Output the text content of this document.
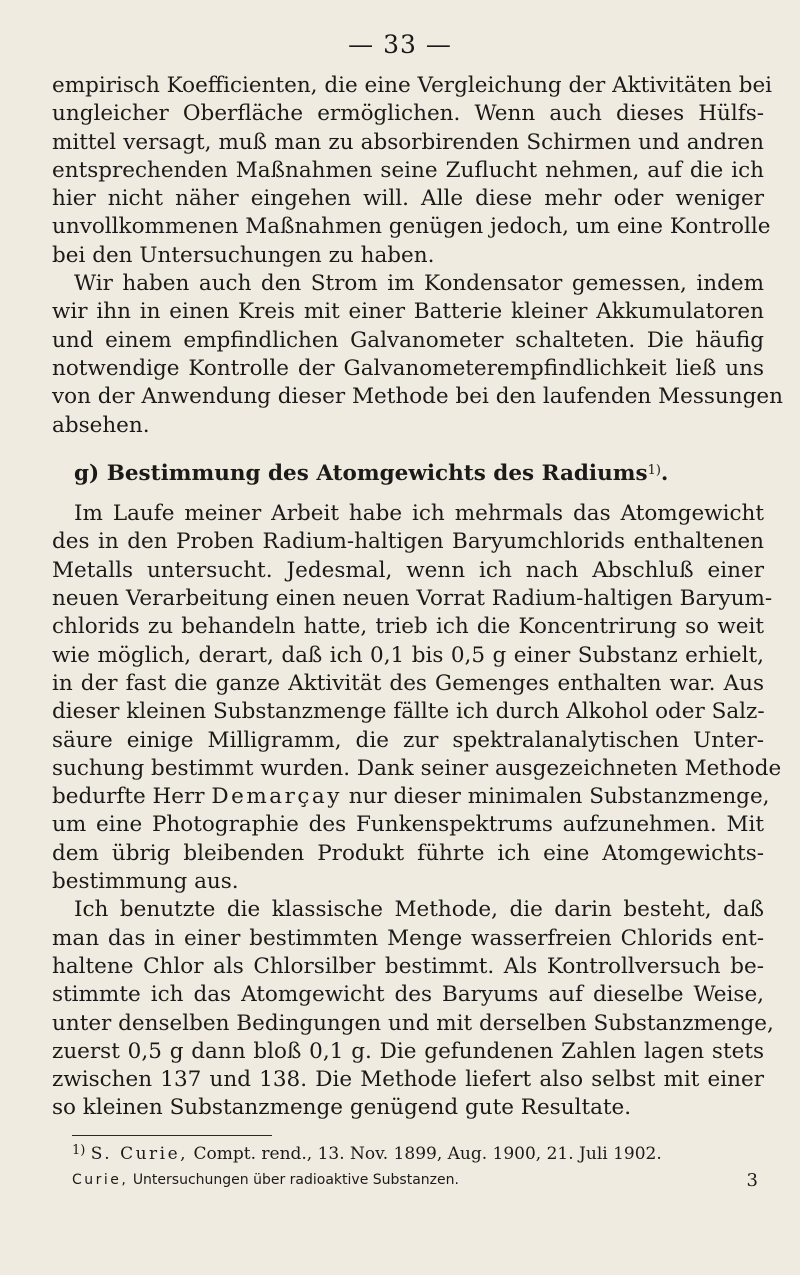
— 33 —
empirisch Koefficienten, die eine Vergleichung der Aktivitäten bei
ungleicher Oberfläche ermöglichen. Wenn auch dieses Hülfs-
mittel versagt, muß man zu absorbirenden Schirmen und andren
entsprechenden Maßnahmen seine Zuflucht nehmen, auf die ich
hier nicht näher eingehen will. Alle diese mehr oder weniger
unvollkommenen Maßnahmen genügen jedoch, um eine Kontrolle
bei den Untersuchungen zu haben.
Wir haben auch den Strom im Kondensator gemessen, indem
wir ihn in einen Kreis mit einer Batterie kleiner Akkumulatoren
und einem empfindlichen Galvanometer schalteten. Die häufig
notwendige Kontrolle der Galvanometerempfindlichkeit ließ uns
von der Anwendung dieser Methode bei den laufenden Messungen
absehen.
g) Bestimmung des Atomgewichts des Radiums$^{1)}$.
Im Laufe meiner Arbeit habe ich mehrmals das Atomgewicht
des in den Proben Radium-haltigen Baryumchlorids enthaltenen
Metalls untersucht. Jedesmal, wenn ich nach Abschluß einer
neuen Verarbeitung einen neuen Vorrat Radium-haltigen Baryum-
chlorids zu behandeln hatte, trieb ich die Koncentrirung so weit
wie möglich, derart, daß ich 0,1 bis 0,5 g einer Substanz erhielt,
in der fast die ganze Aktivität des Gemenges enthalten war. Aus
dieser kleinen Substanzmenge fällte ich durch Alkohol oder Salz-
säure einige Milligramm, die zur spektralanalytischen Unter-
suchung bestimmt wurden. Dank seiner ausgezeichneten Methode
bedurfte Herr Demarçay nur dieser minimalen Substanzmenge,
um eine Photographie des Funkenspektrums aufzunehmen. Mit
dem übrig bleibenden Produkt führte ich eine Atomgewichts-
bestimmung aus.
Ich benutzte die klassische Methode, die darin besteht, daß
man das in einer bestimmten Menge wasserfreien Chlorids ent-
haltene Chlor als Chlorsilber bestimmt. Als Kontrollversuch be-
stimmte ich das Atomgewicht des Baryums auf dieselbe Weise,
unter denselben Bedingungen und mit derselben Substanzmenge,
zuerst 0,5 g dann bloß 0,1 g. Die gefundenen Zahlen lagen stets
zwischen 137 und 138. Die Methode liefert also selbst mit einer
so kleinen Substanzmenge genügend gute Resultate.
$^{1)}$ S. Curie, Compt. rend., 13. Nov. 1899, Aug. 1900, 21. Juli 1902.
Curie, Untersuchungen über radioaktive Substanzen.	3
